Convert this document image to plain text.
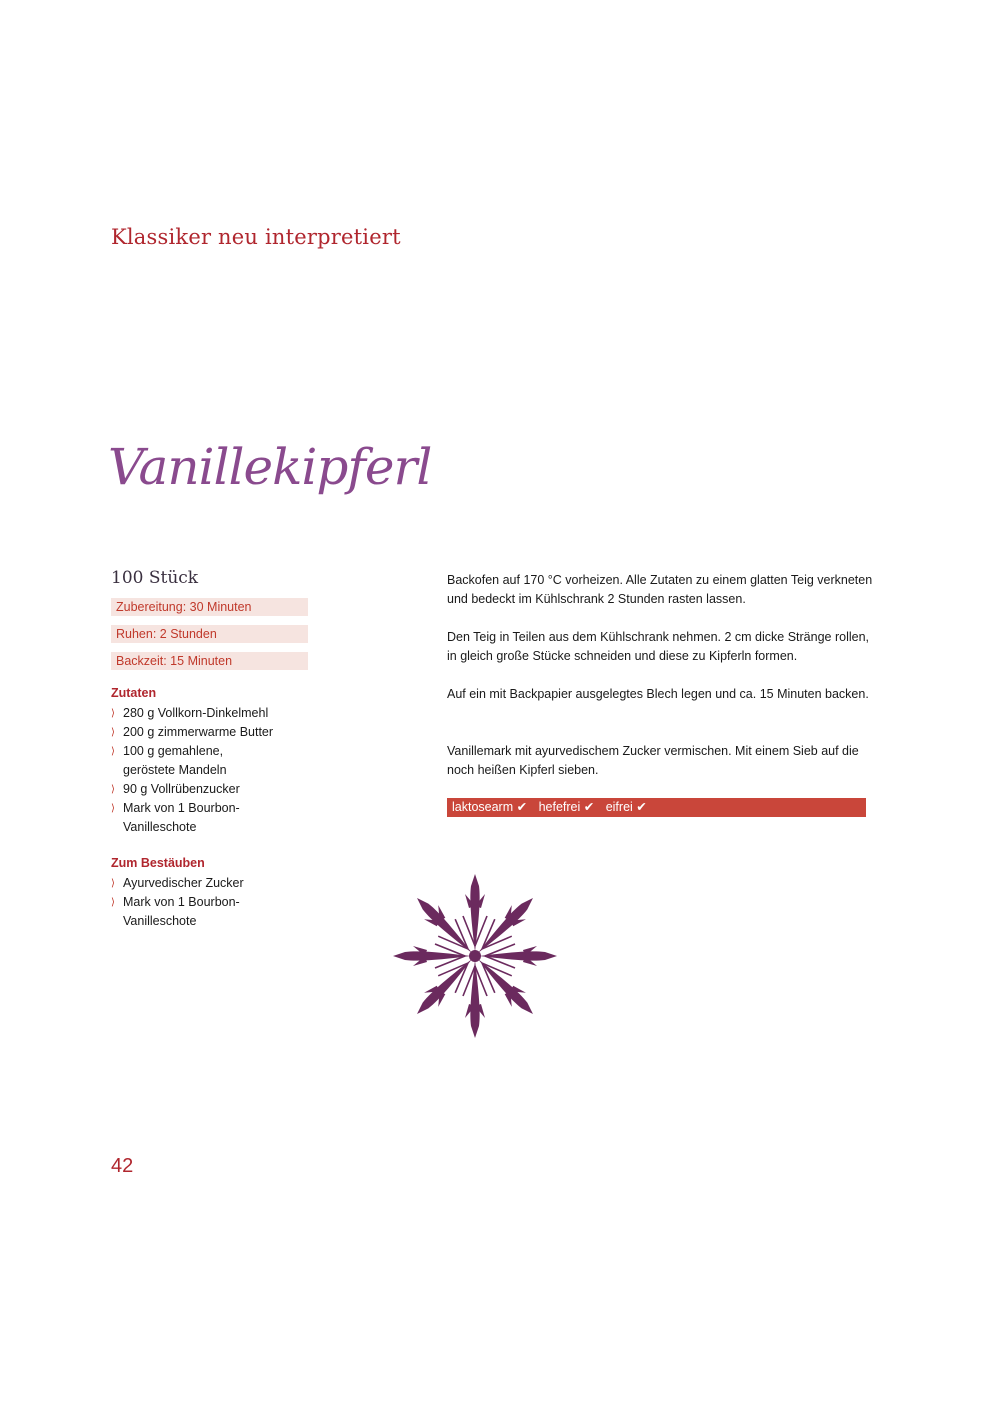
Klassiker neu interpretiert
Vanillekipferl
100 Stück
Zubereitung: 30 Minuten
Ruhen: 2 Stunden
Backzeit: 15 Minuten
Zutaten
⟩ 280 g Vollkorn-Dinkelmehl
⟩ 200 g zimmerwarme Butter
⟩ 100 g gemahlene, geröstete Mandeln
⟩ 90 g Vollrübenzucker
⟩ Mark von 1 Bourbon-Vanilleschote
Zum Bestäuben
⟩ Ayurvedischer Zucker
⟩ Mark von 1 Bourbon-Vanilleschote

Backofen auf 170 °C vorheizen. Alle Zutaten zu einem glatten Teig verkneten und bedeckt im Kühlschrank 2 Stunden rasten lassen.

Den Teig in Teilen aus dem Kühlschrank nehmen. 2 cm dicke Stränge rollen, in gleich große Stücke schneiden und diese zu Kipferln formen.

Auf ein mit Backpapier ausgelegtes Blech legen und ca. 15 Minuten backen.

Vanillemark mit ayurvedischem Zucker vermischen. Mit einem Sieb auf die noch heißen Kipferl sieben.

laktosearm ✔ hefefrei ✔ eifrei ✔
42
